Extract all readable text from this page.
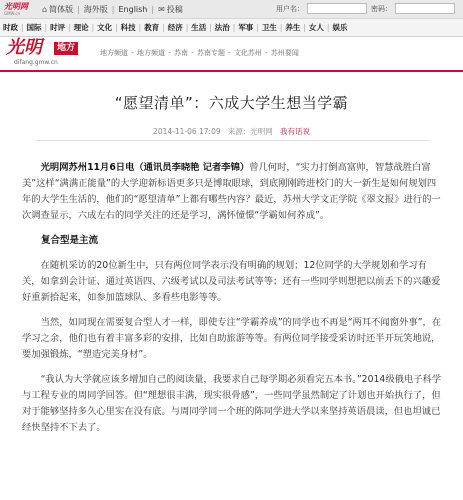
光明网
GMW.cn	⌂ 简体版 | 海外版 | English | ✉ 投稿	用户名：	密码：
时政 | 国际 | 时评 | 理论 | 文化 | 科技 | 教育 | 经济 | 生活 | 法治 | 军事 | 卫生 | 养生 | 女人 | 娱乐
光明	地方
difang.gmw.cn
地方频道 - 地方频道 - 苏南 - 苏南专题 - 文化苏州 - 苏州要闻
“愿望清单”：六成大学生想当学霸
2014-11-06 17:09 来源：光明网 我有话说

光明网苏州11月6日电（通讯员李晓艳 记者李锦）曾几何时，“实力打倒高富帅，智慧战胜白富美”这样“满满正能量”的大学迎新标语更多只是博取眼球，到底刚刚跨进校门的大一新生是如何规划四年的大学生生活的，他们的“愿望清单”上都有哪些内容？最近，苏州大学文正学院《翠文报》进行的一次调查显示，六成左右的同学关注的还是学习，满怀憧憬“学霸如何养成”。

复合型是主流

在随机采访的20位新生中，只有两位同学表示没有明确的规划；12位同学的大学规划和学习有关，如拿到会计证、通过英语四、六级考试以及司法考试等等；还有一些同学则想把以前丢下的兴趣爱好重新拾起来，如参加篮球队、多看些电影等等。

当然，如同现在需要复合型人才一样，即使专注“学霸养成”的同学也不再是“两耳不闻窗外事”，在学习之余，他们也有着丰富多彩的安排，比如自助旅游等等。有两位同学接受采访时还半开玩笑地说，要加强锻炼，“塑造完美身材”。

“我认为大学就应该多增加自己的阅读量，我要求自己每学期必须看完五本书。”2014级俄电子科学与工程专业的周同学回答。但“理想很丰满，现实很骨感”，一些同学虽然制定了计划也开始执行了，但对于能够坚持多久心里实在没有底。与周同学同一个班的陈同学进大学以来坚持英语晨读，但也坦诚已经快坚持不下去了。
